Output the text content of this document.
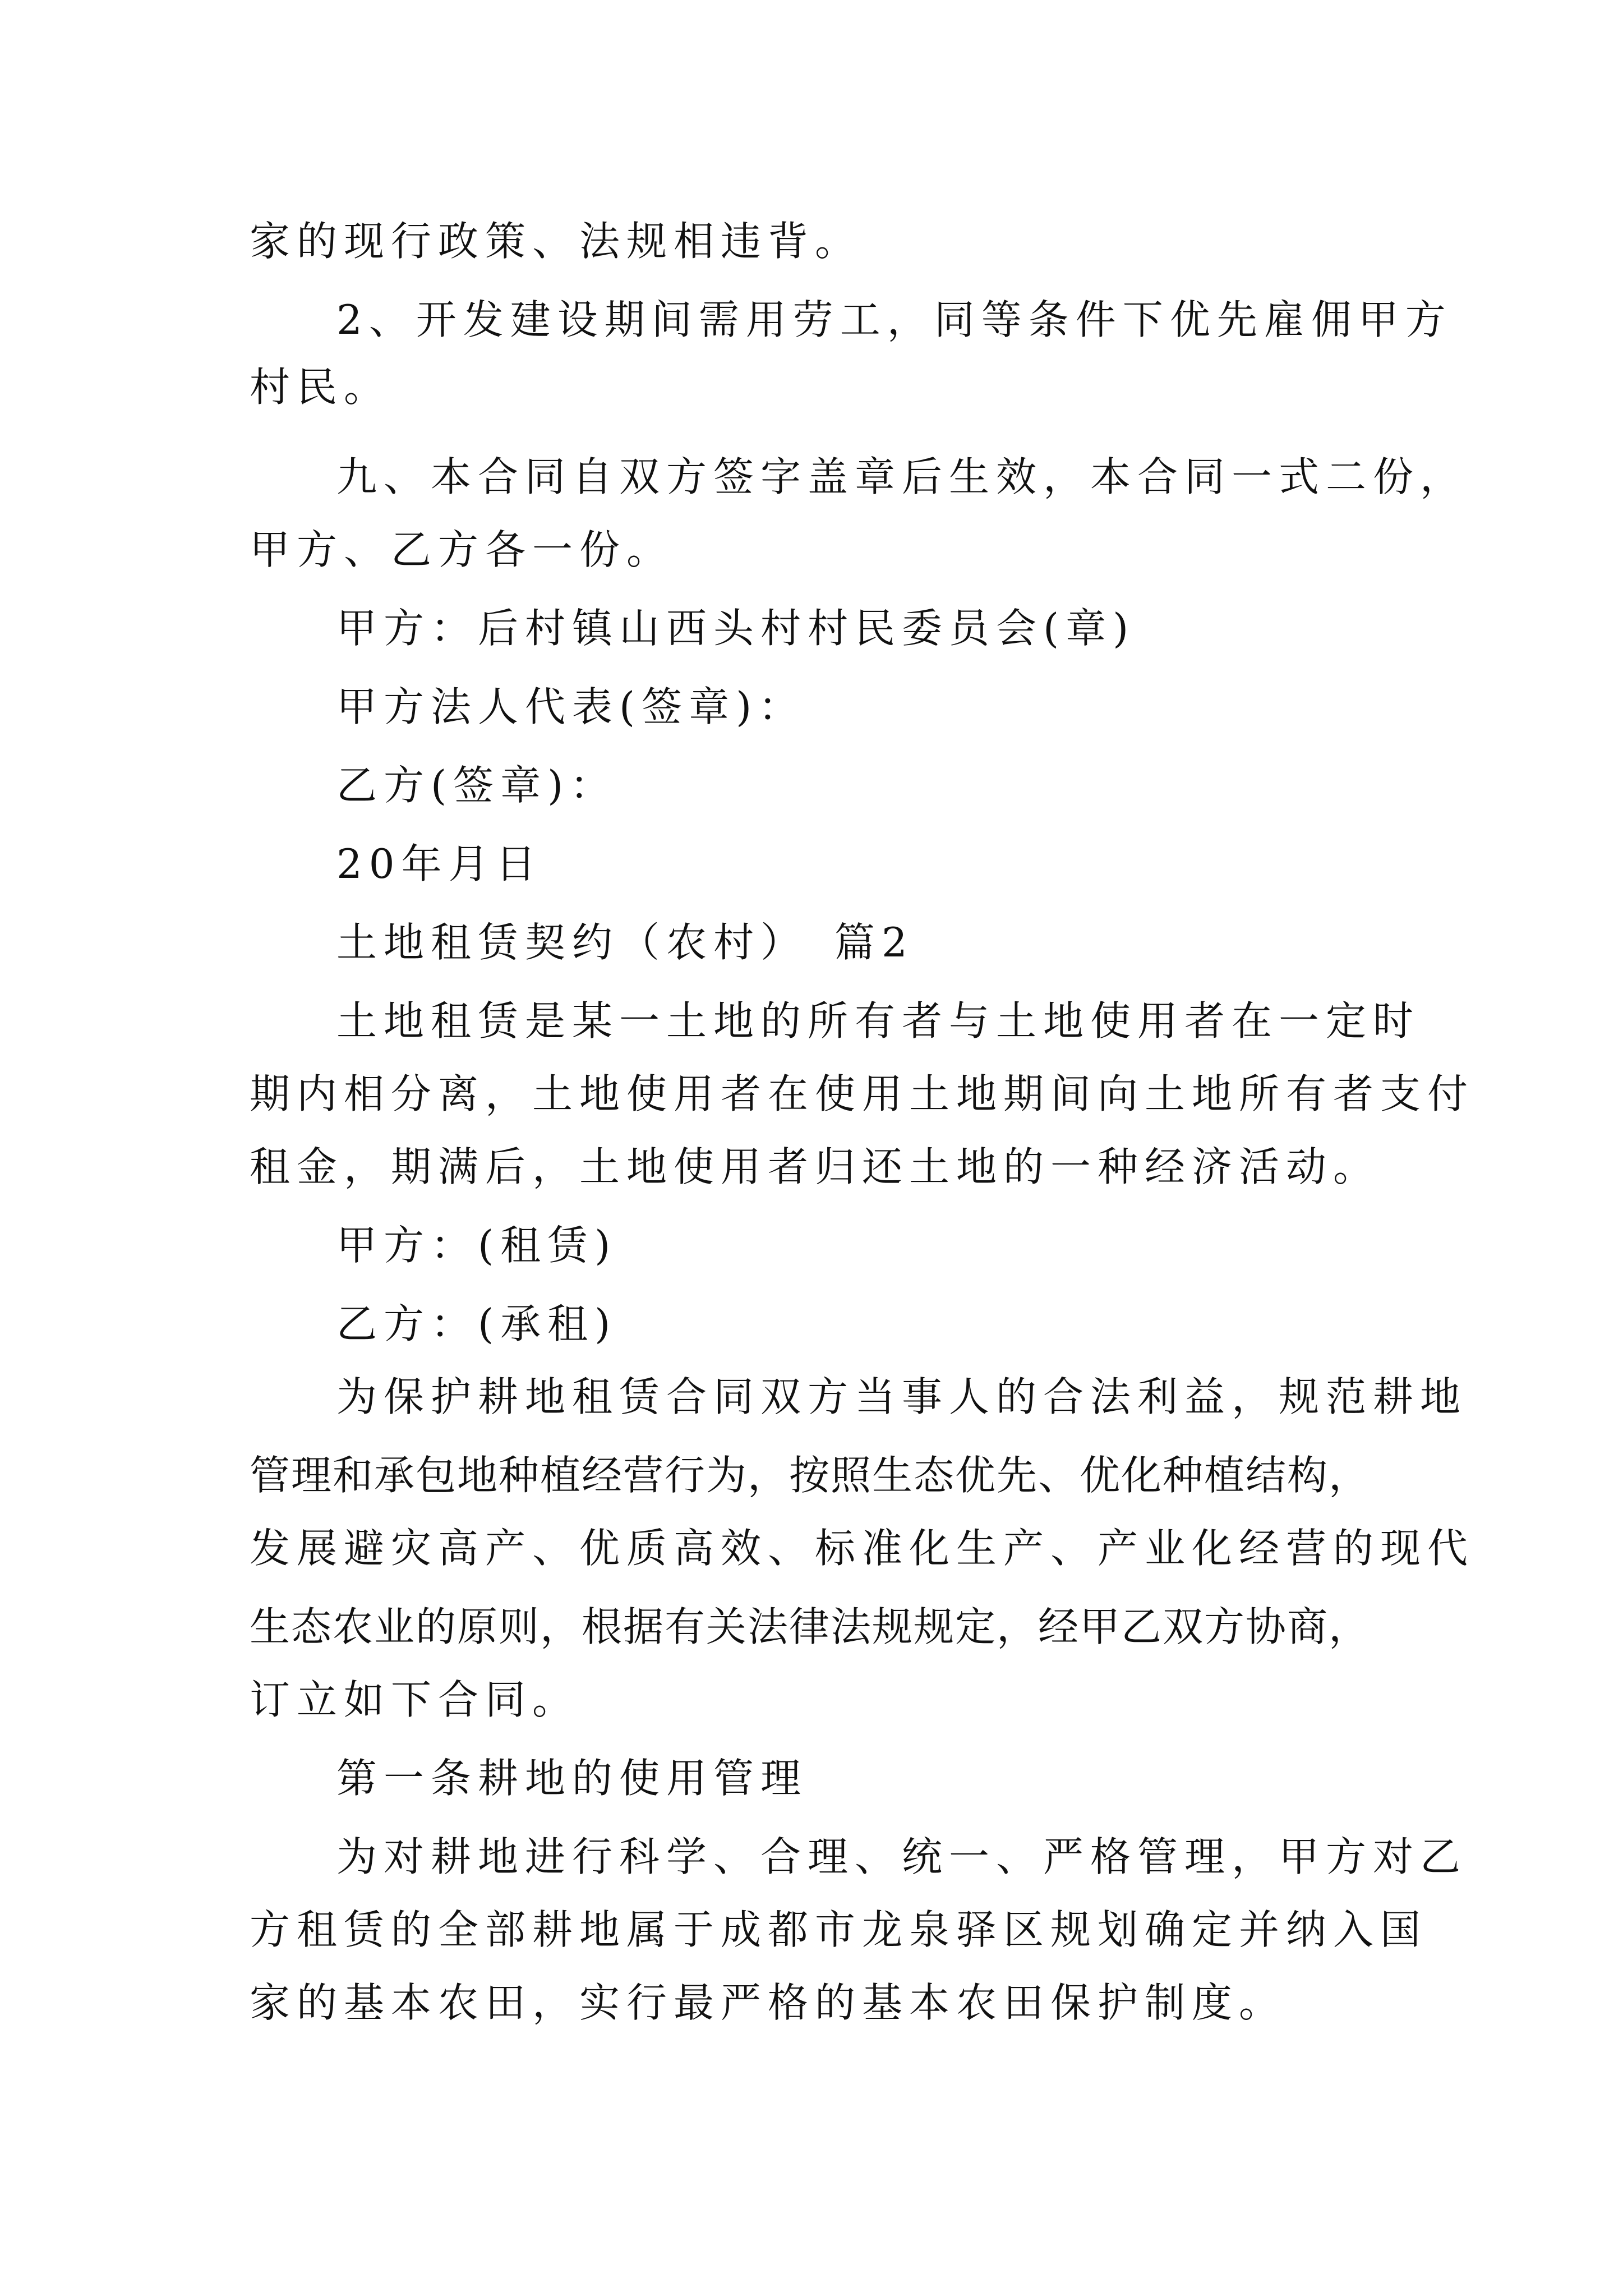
家的现行政策、法规相违背。
2、开发建设期间需用劳工，同等条件下优先雇佣甲方
村民。
九、本合同自双方签字盖章后生效，本合同一式二份，
甲方、乙方各一份。
甲方：后村镇山西头村村民委员会(章)
甲方法人代表(签章)：
乙方(签章)：
20年月日
土地租赁契约（农村）　篇2
土地租赁是某一土地的所有者与土地使用者在一定时
期内相分离，土地使用者在使用土地期间向土地所有者支付
租金，期满后，土地使用者归还土地的一种经济活动。
甲方：(租赁)
乙方：(承租)
为保护耕地租赁合同双方当事人的合法利益，规范耕地
管理和承包地种植经营行为，按照生态优先、优化种植结构，
发展避灾高产、优质高效、标准化生产、产业化经营的现代
生态农业的原则，根据有关法律法规规定，经甲乙双方协商，
订立如下合同。
第一条耕地的使用管理
为对耕地进行科学、合理、统一、严格管理，甲方对乙
方租赁的全部耕地属于成都市龙泉驿区规划确定并纳入国
家的基本农田，实行最严格的基本农田保护制度。
